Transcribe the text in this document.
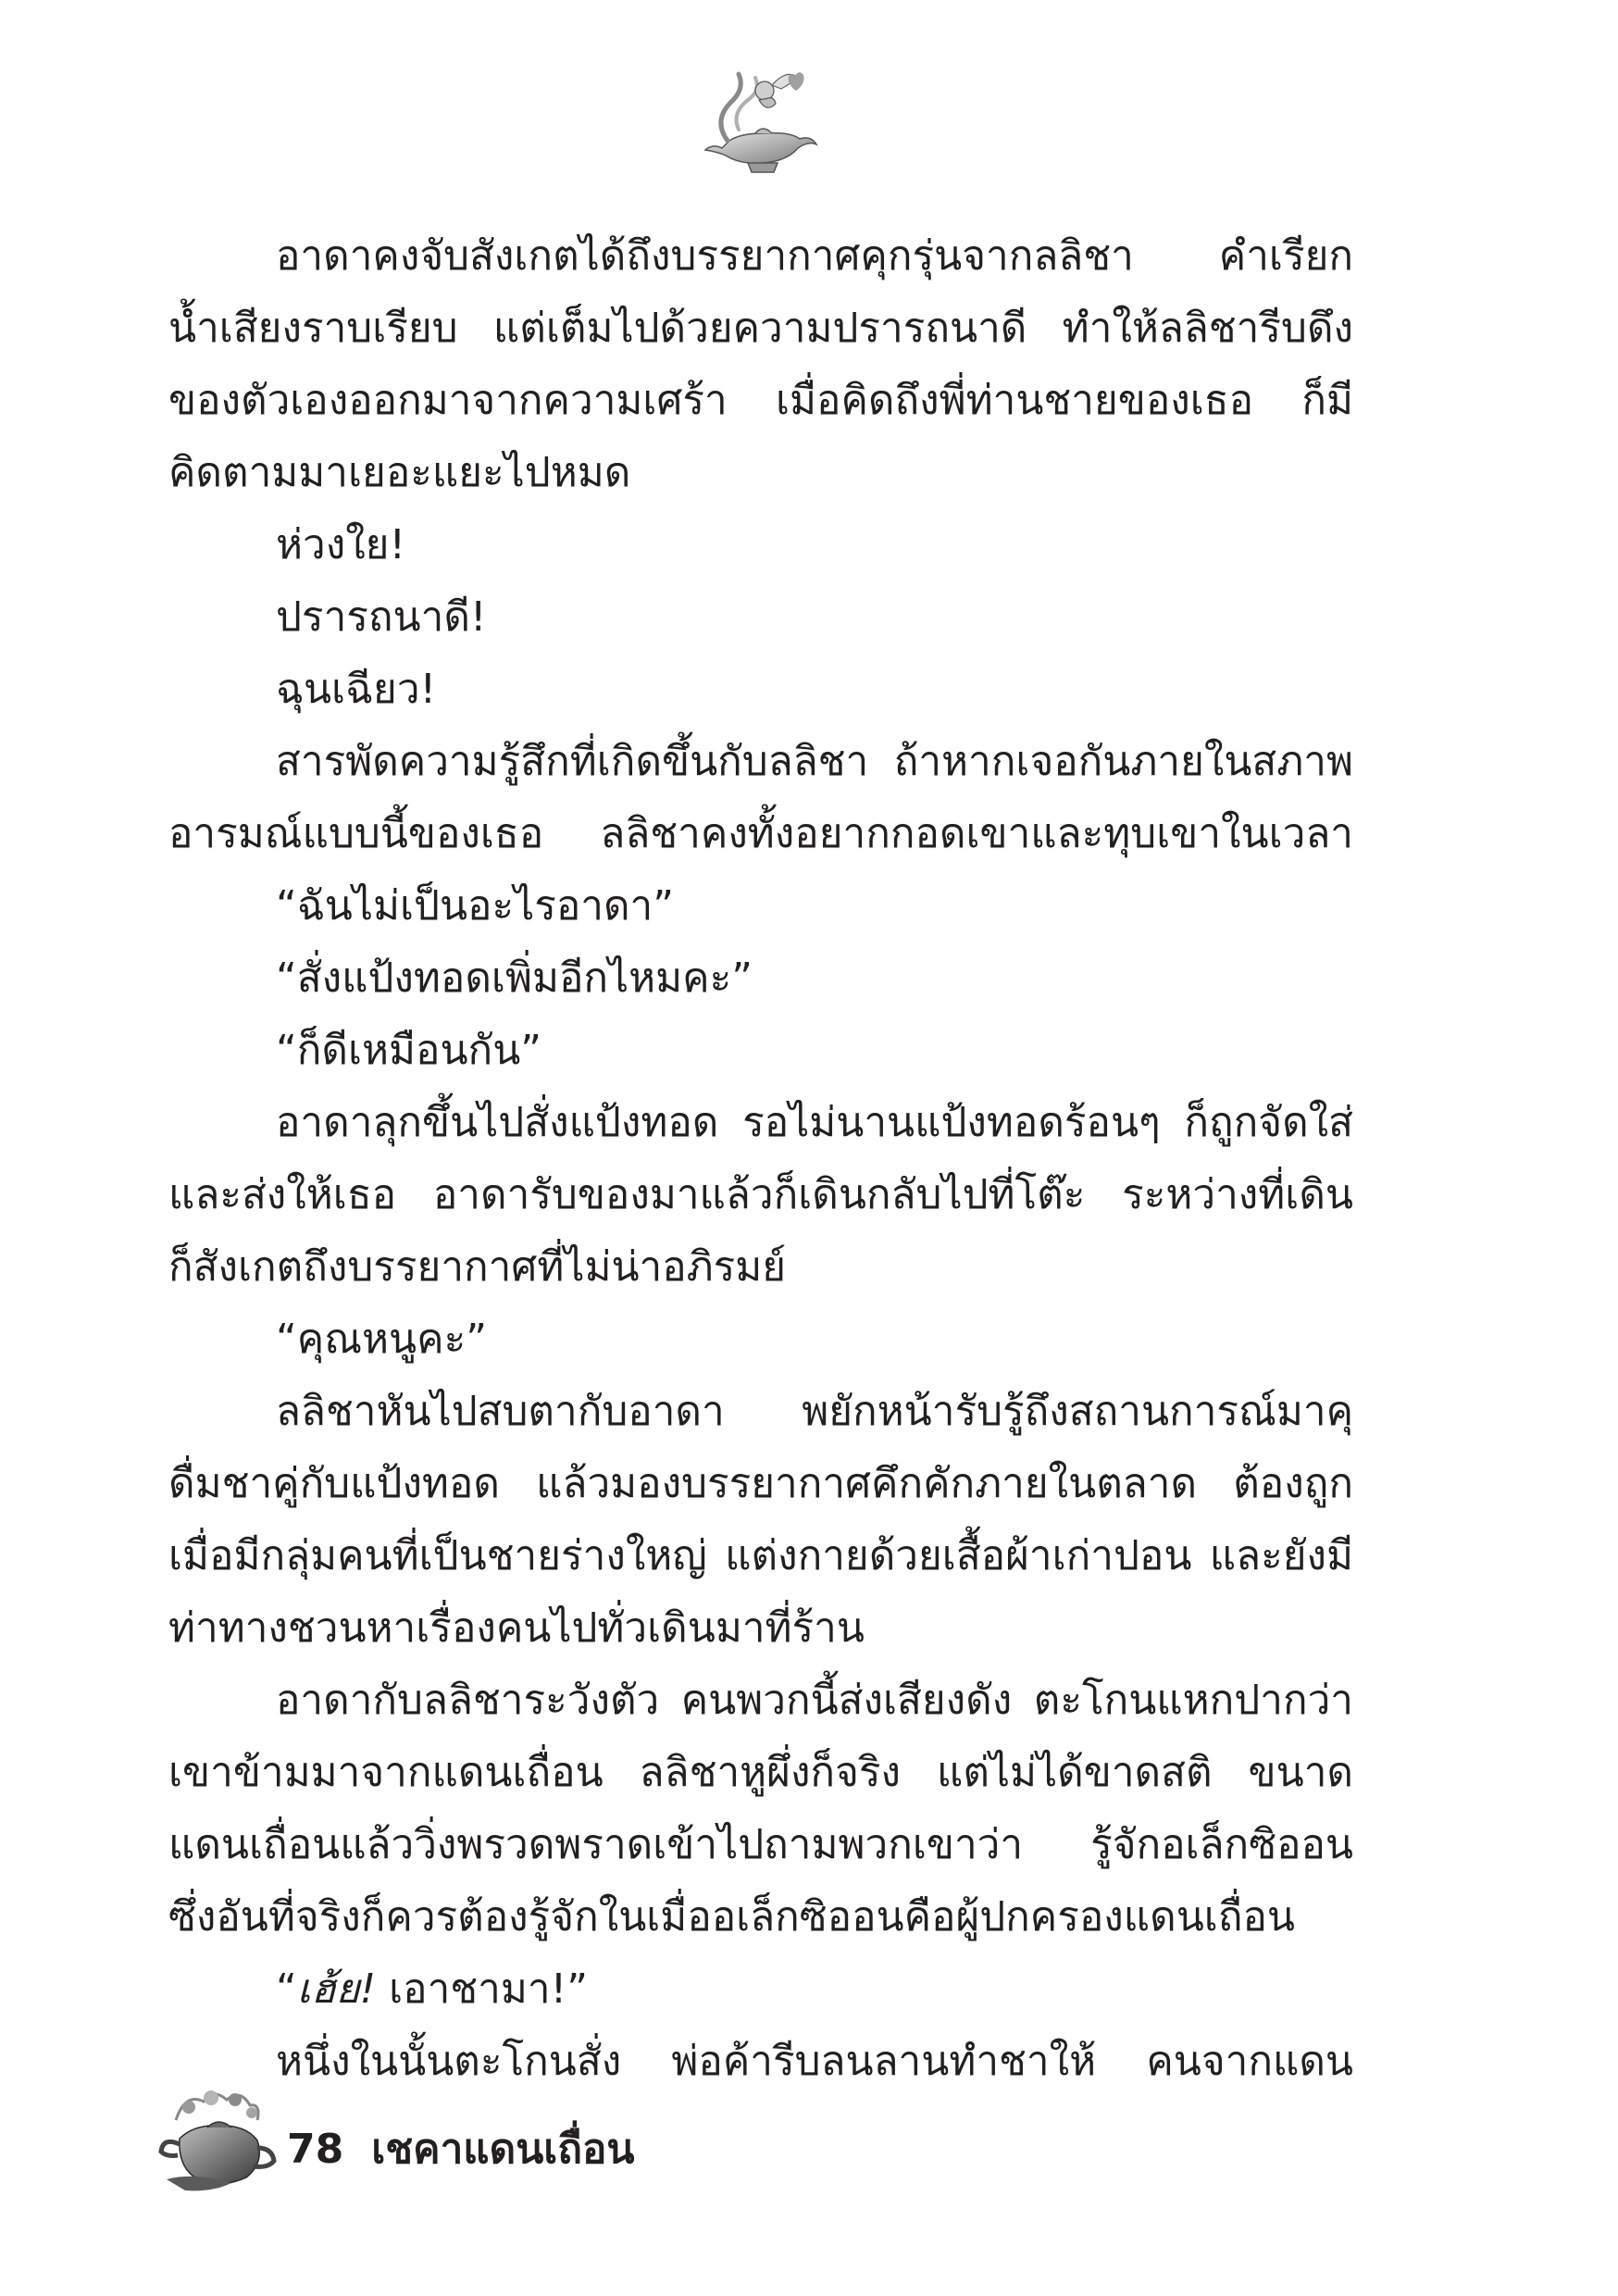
อาดาคงจับสังเกตได้ถึงบรรยากาศคุกรุ่นจากลลิชา คำเรียก
น้ำเสียงราบเรียบ แต่เต็มไปด้วยความปรารถนาดี ทำให้ลลิชารีบดึง
ของตัวเองออกมาจากความเศร้า เมื่อคิดถึงพี่ท่านชายของเธอ ก็มี
คิดตามมาเยอะแยะไปหมด
ห่วงใย!
ปรารถนาดี!
ฉุนเฉียว!
สารพัดความรู้สึกที่เกิดขึ้นกับลลิชา ถ้าหากเจอกันภายในสภาพ
อารมณ์แบบนี้ของเธอ ลลิชาคงทั้งอยากกอดเขาและทุบเขาในเวลา
“ฉันไม่เป็นอะไรอาดา”
“สั่งแป้งทอดเพิ่มอีกไหมคะ”
“ก็ดีเหมือนกัน”
อาดาลุกขึ้นไปสั่งแป้งทอด รอไม่นานแป้งทอดร้อนๆ ก็ถูกจัดใส่
และส่งให้เธอ อาดารับของมาแล้วก็เดินกลับไปที่โต๊ะ ระหว่างที่เดิน
ก็สังเกตถึงบรรยากาศที่ไม่น่าอภิรมย์
“คุณหนูคะ”
ลลิชาหันไปสบตากับอาดา พยักหน้ารับรู้ถึงสถานการณ์มาคุ
ดื่มชาคู่กับแป้งทอด แล้วมองบรรยากาศคึกคักภายในตลาด ต้องถูก
เมื่อมีกลุ่มคนที่เป็นชายร่างใหญ่ แต่งกายด้วยเสื้อผ้าเก่าปอน และยังมี
ท่าทางชวนหาเรื่องคนไปทั่วเดินมาที่ร้าน
อาดากับลลิชาระวังตัว คนพวกนี้ส่งเสียงดัง ตะโกนแหกปากว่า
เขาข้ามมาจากแดนเถื่อน ลลิชาหูผึ่งก็จริง แต่ไม่ได้ขาดสติ ขนาด
แดนเถื่อนแล้ววิ่งพรวดพราดเข้าไปถามพวกเขาว่า รู้จักอเล็กซิออน
ซึ่งอันที่จริงก็ควรต้องรู้จักในเมื่ออเล็กซิออนคือผู้ปกครองแดนเถื่อน
“เฮ้ย! เอาชามา!”
หนึ่งในนั้นตะโกนสั่ง พ่อค้ารีบลนลานทำชาให้ คนจากแดน
78 เชคาแดนเถื่อน
